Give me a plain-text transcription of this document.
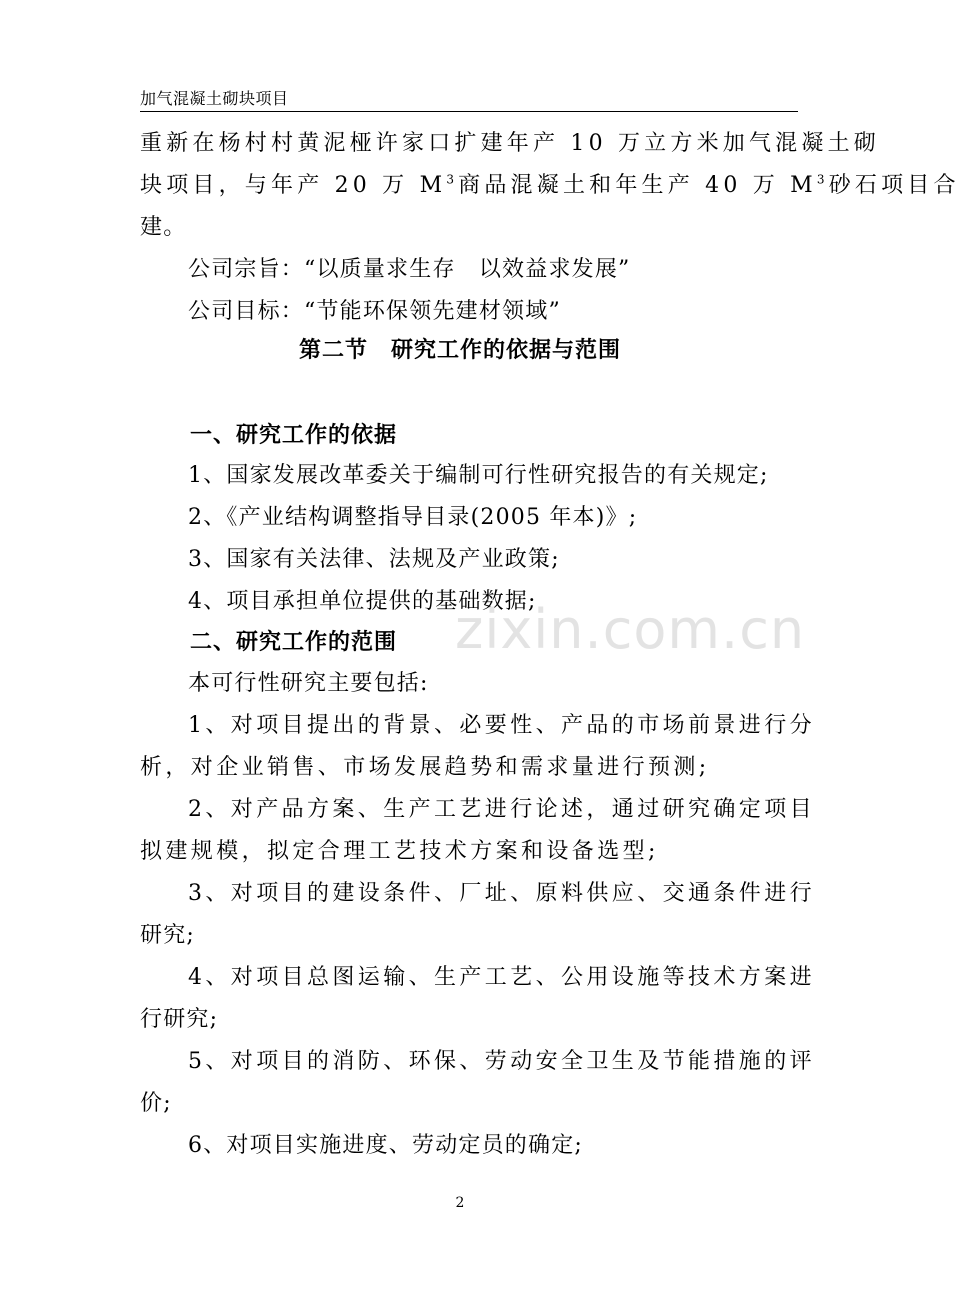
加气混凝土砌块项目
重新在杨村村黄泥桠许家口扩建年产 10 万立方米加气混凝土砌
块项目，与年产 20 万 $M^3$商品混凝土和年生产 40 万 $M^3$砂石项目合
建。
公司宗旨：“以质量求生存　以效益求发展”
公司目标：“节能环保领先建材领域”
第二节　研究工作的依据与范围
一、研究工作的依据
1、国家发展改革委关于编制可行性研究报告的有关规定;
2、《产业结构调整指导目录(2005 年本)》;
3、国家有关法律、法规及产业政策;
4、项目承担单位提供的基础数据;
zixin.com.cn
二、研究工作的范围
本可行性研究主要包括:
1、对项目提出的背景、必要性、产品的市场前景进行分
析，对企业销售、市场发展趋势和需求量进行预测;
2、对产品方案、生产工艺进行论述，通过研究确定项目
拟建规模，拟定合理工艺技术方案和设备选型;
3、对项目的建设条件、厂址、原料供应、交通条件进行
研究;
4、对项目总图运输、生产工艺、公用设施等技术方案进
行研究;
5、对项目的消防、环保、劳动安全卫生及节能措施的评
价;
6、对项目实施进度、劳动定员的确定;
2
